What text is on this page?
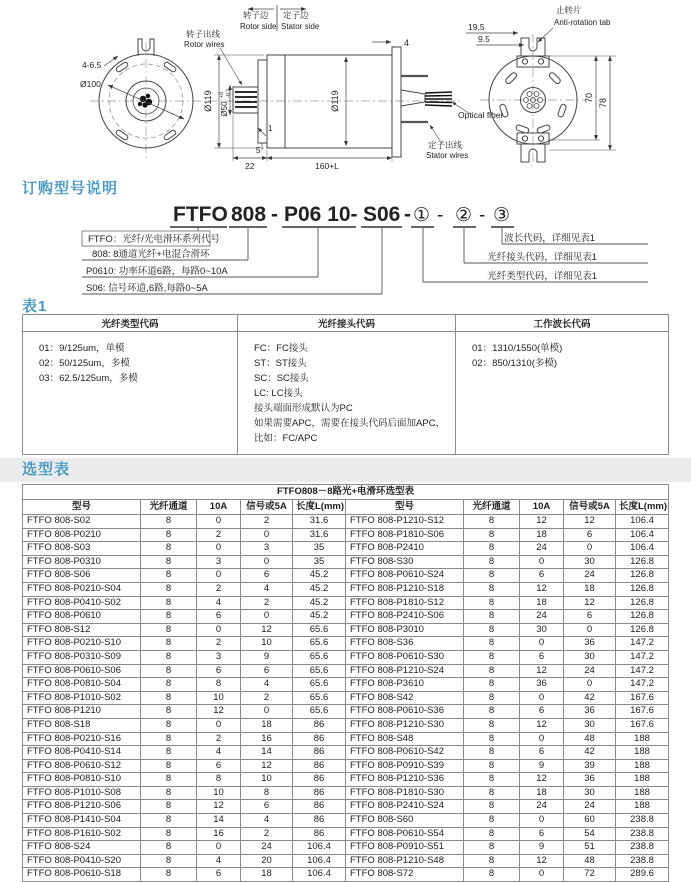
4-6.5
Ø100
转子边 定子边
Rotor side Stator side
转子出线
Rotor wires
Ø119 Ø50
+0 -0.1	Ø119
4
1
5
22	160+L
Optical fiber
定子出线
Stator wires
19.5
9.5
止转片
Anti-rotation tab
70 78
订购型号说明
FTFO 808 - P06 10- S06 - ① - ② - ③
FTFO：光纤/光电滑环系列代号
808: 8通道光纤+电混合滑环
P0610: 功率环道6路，每路0~10A
S06: 信号环道,6路,每路0~5A
波长代码，详细见表1
光纤接头代码，详细见表1
光纤类型代码，详细见表1
表1
光纤类型代码	光纤接头代码	工作波长代码

01：9/125um，单模
02：50/125um，多模
03：62.5/125um，多模

FC：FC接头
ST：ST接头
SC：SC接头
LC: LC接头
接头端面形成默认为PC
如果需要APC，需要在接头代码后面加APC，
比如：FC/APC

01：1310/1550(单模)
02：850/1310(多模)
选型表
FTFO808－8路光+电滑环选型表									
型号	光纤通道	10A	信号或5A	长度L(mm)	型号	光纤通道	10A	信号或5A	长度L(mm)
FTFO 808-S02	8	0	2	31.6	FTFO 808-P1210-S12	8	12	12	106.4
FTFO 808-P0210	8	2	0	31.6	FTFO 808-P1810-S06	8	18	6	106.4
FTFO 808-S03	8	0	3	35	FTFO 808-P2410	8	24	0	106.4
FTFO 808-P0310	8	3	0	35	FTFO 808-S30	8	0	30	126.8
FTFO 808-S06	8	0	6	45.2	FTFO 808-P0610-S24	8	6	24	126.8
FTFO 808-P0210-S04	8	2	4	45.2	FTFO 808-P1210-S18	8	12	18	126.8
FTFO 808-P0410-S02	8	4	2	45.2	FTFO 808-P1810-S12	8	18	12	126.8
FTFO 808-P0610	8	6	0	45.2	FTFO 808-P2410-S06	8	24	6	126.8
FTFO 808-S12	8	0	12	65.6	FTFO 808-P3010	8	30	0	126.8
FTFO 808-P0210-S10	8	2	10	65.6	FTFO 808-S36	8	0	36	147.2
FTFO 808-P0310-S09	8	3	9	65.6	FTFO 808-P0610-S30	8	6	30	147.2
FTFO 808-P0610-S06	8	6	6	65.6	FTFO 808-P1210-S24	8	12	24	147.2
FTFO 808-P0810-S04	8	8	4	65.6	FTFO 808-P3610	8	36	0	147.2
FTFO 808-P1010-S02	8	10	2	65.6	FTFO 808-S42	8	0	42	167.6
FTFO 808-P1210	8	12	0	65.6	FTFO 808-P0610-S36	8	6	36	167.6
FTFO 808-S18	8	0	18	86	FTFO 808-P1210-S30	8	12	30	167.6
FTFO 808-P0210-S16	8	2	16	86	FTFO 808-S48	8	0	48	188
FTFO 808-P0410-S14	8	4	14	86	FTFO 808-P0610-S42	8	6	42	188
FTFO 808-P0610-S12	8	6	12	86	FTFO 808-P0910-S39	8	9	39	188
FTFO 808-P0810-S10	8	8	10	86	FTFO 808-P1210-S36	8	12	36	188
FTFO 808-P1010-S08	8	10	8	86	FTFO 808-P1810-S30	8	18	30	188
FTFO 808-P1210-S06	8	12	6	86	FTFO 808-P2410-S24	8	24	24	188
FTFO 808-P1410-S04	8	14	4	86	FTFO 808-S60	8	0	60	238.8
FTFO 808-P1610-S02	8	16	2	86	FTFO 808-P0610-S54	8	6	54	238.8
FTFO 808-S24	8	0	24	106.4	FTFO 808-P0910-S51	8	9	51	238.8
FTFO 808-P0410-S20	8	4	20	106.4	FTFO 808-P1210-S48	8	12	48	238.8
FTFO 808-P0610-S18	8	6	18	106.4	FTFO 808-S72	8	0	72	289.6
